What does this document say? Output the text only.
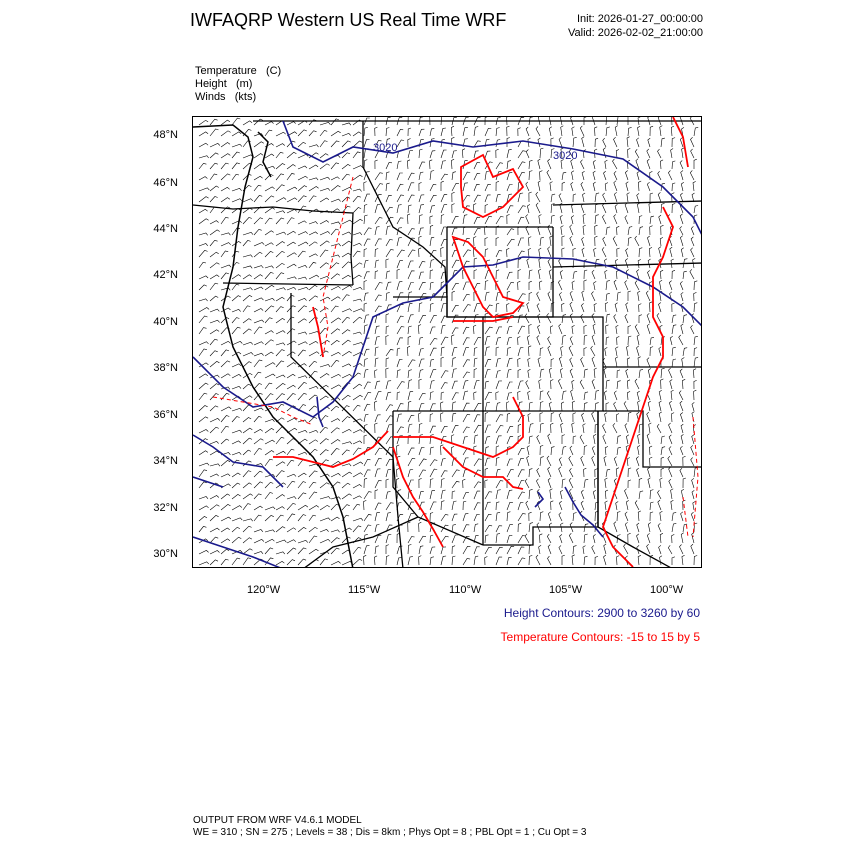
IWFAQRP Western US Real Time WRF	Init: 2026-01-27_00:00:00
Valid: 2026-02-02_21:00:00
Temperature (C)
Height (m)
Winds (kts)
48°N
46°N
44°N
42°N
40°N
38°N
36°N
34°N
32°N
30°N
120°W	115°W	110°W	105°W	100°W
3020
3020
Height Contours: 2900 to 3260 by 60
Temperature Contours: -15 to 15 by 5
OUTPUT FROM WRF V4.6.1 MODEL
WE = 310 ; SN = 275 ; Levels = 38 ; Dis = 8km ; Phys Opt = 8 ; PBL Opt = 1 ; Cu Opt = 3
